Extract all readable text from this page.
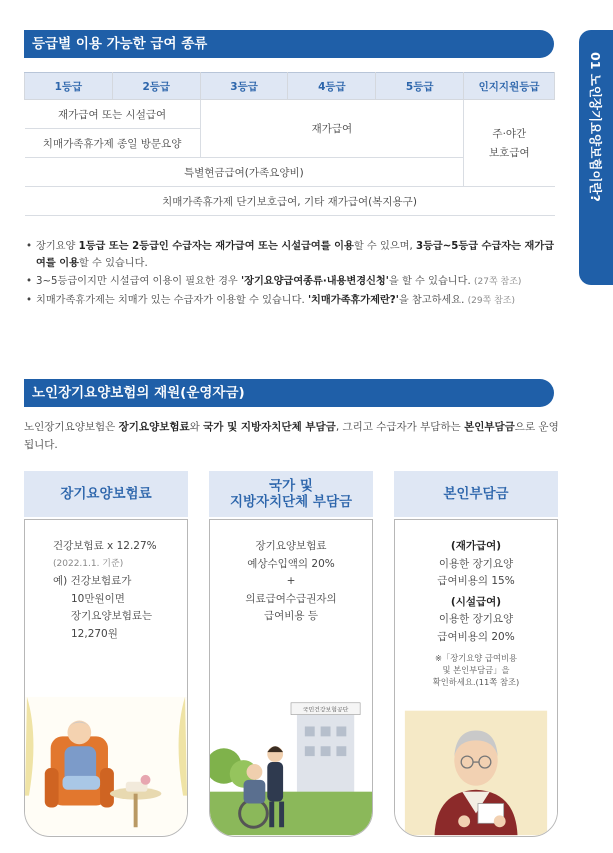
01 노인장기요양보험이란?
등급별 이용 가능한 급여 종류
1등급	2등급	3등급	4등급	5등급	인지지원등급
재가급여 또는 시설급여		재가급여			주·야간
보호급여

치매가족휴가제 종일 방문요양					
특별현금급여(가족요양비)					
치매가족휴가제 단기보호급여, 기타 재가급여(복지용구)					
• 장기요양 1등급 또는 2등급인 수급자는 재가급여 또는 시설급여를 이용할 수 있으며, 3등급~5등급 수급자는 재가급여를 이용할 수 있습니다.
• 3~5등급이지만 시설급여 이용이 필요한 경우 '장기요양급여종류·내용변경신청'을 할 수 있습니다. (27쪽 참조)
• 치매가족휴가제는 치매가 있는 수급자가 이용할 수 있습니다. '치매가족휴가제란?'을 참고하세요. (29쪽 참조)
노인장기요양보험의 재원(운영자금)
노인장기요양보험은 장기요양보험료와 국가 및 지방자치단체 부담금, 그리고 수급자가 부담하는 본인부담금으로 운영됩니다.
장기요양보험료
건강보험료 x 12.27%
(2022.1.1. 기준)
예) 건강보험료가
10만원이면
장기요양보험료는
12,270원
국가 및
지방자치단체 부담금
장기요양보험료
예상수입액의 20%
+
의료급여수급권자의
급여비용 등
국민건강보험공단
본인부담금
(재가급여)
이용한 장기요양
급여비용의 15%
(시설급여)
이용한 장기요양
급여비용의 20%
※「장기요양 급여비용
및 본인부담금」을
확인하세요.(11쪽 참조)
